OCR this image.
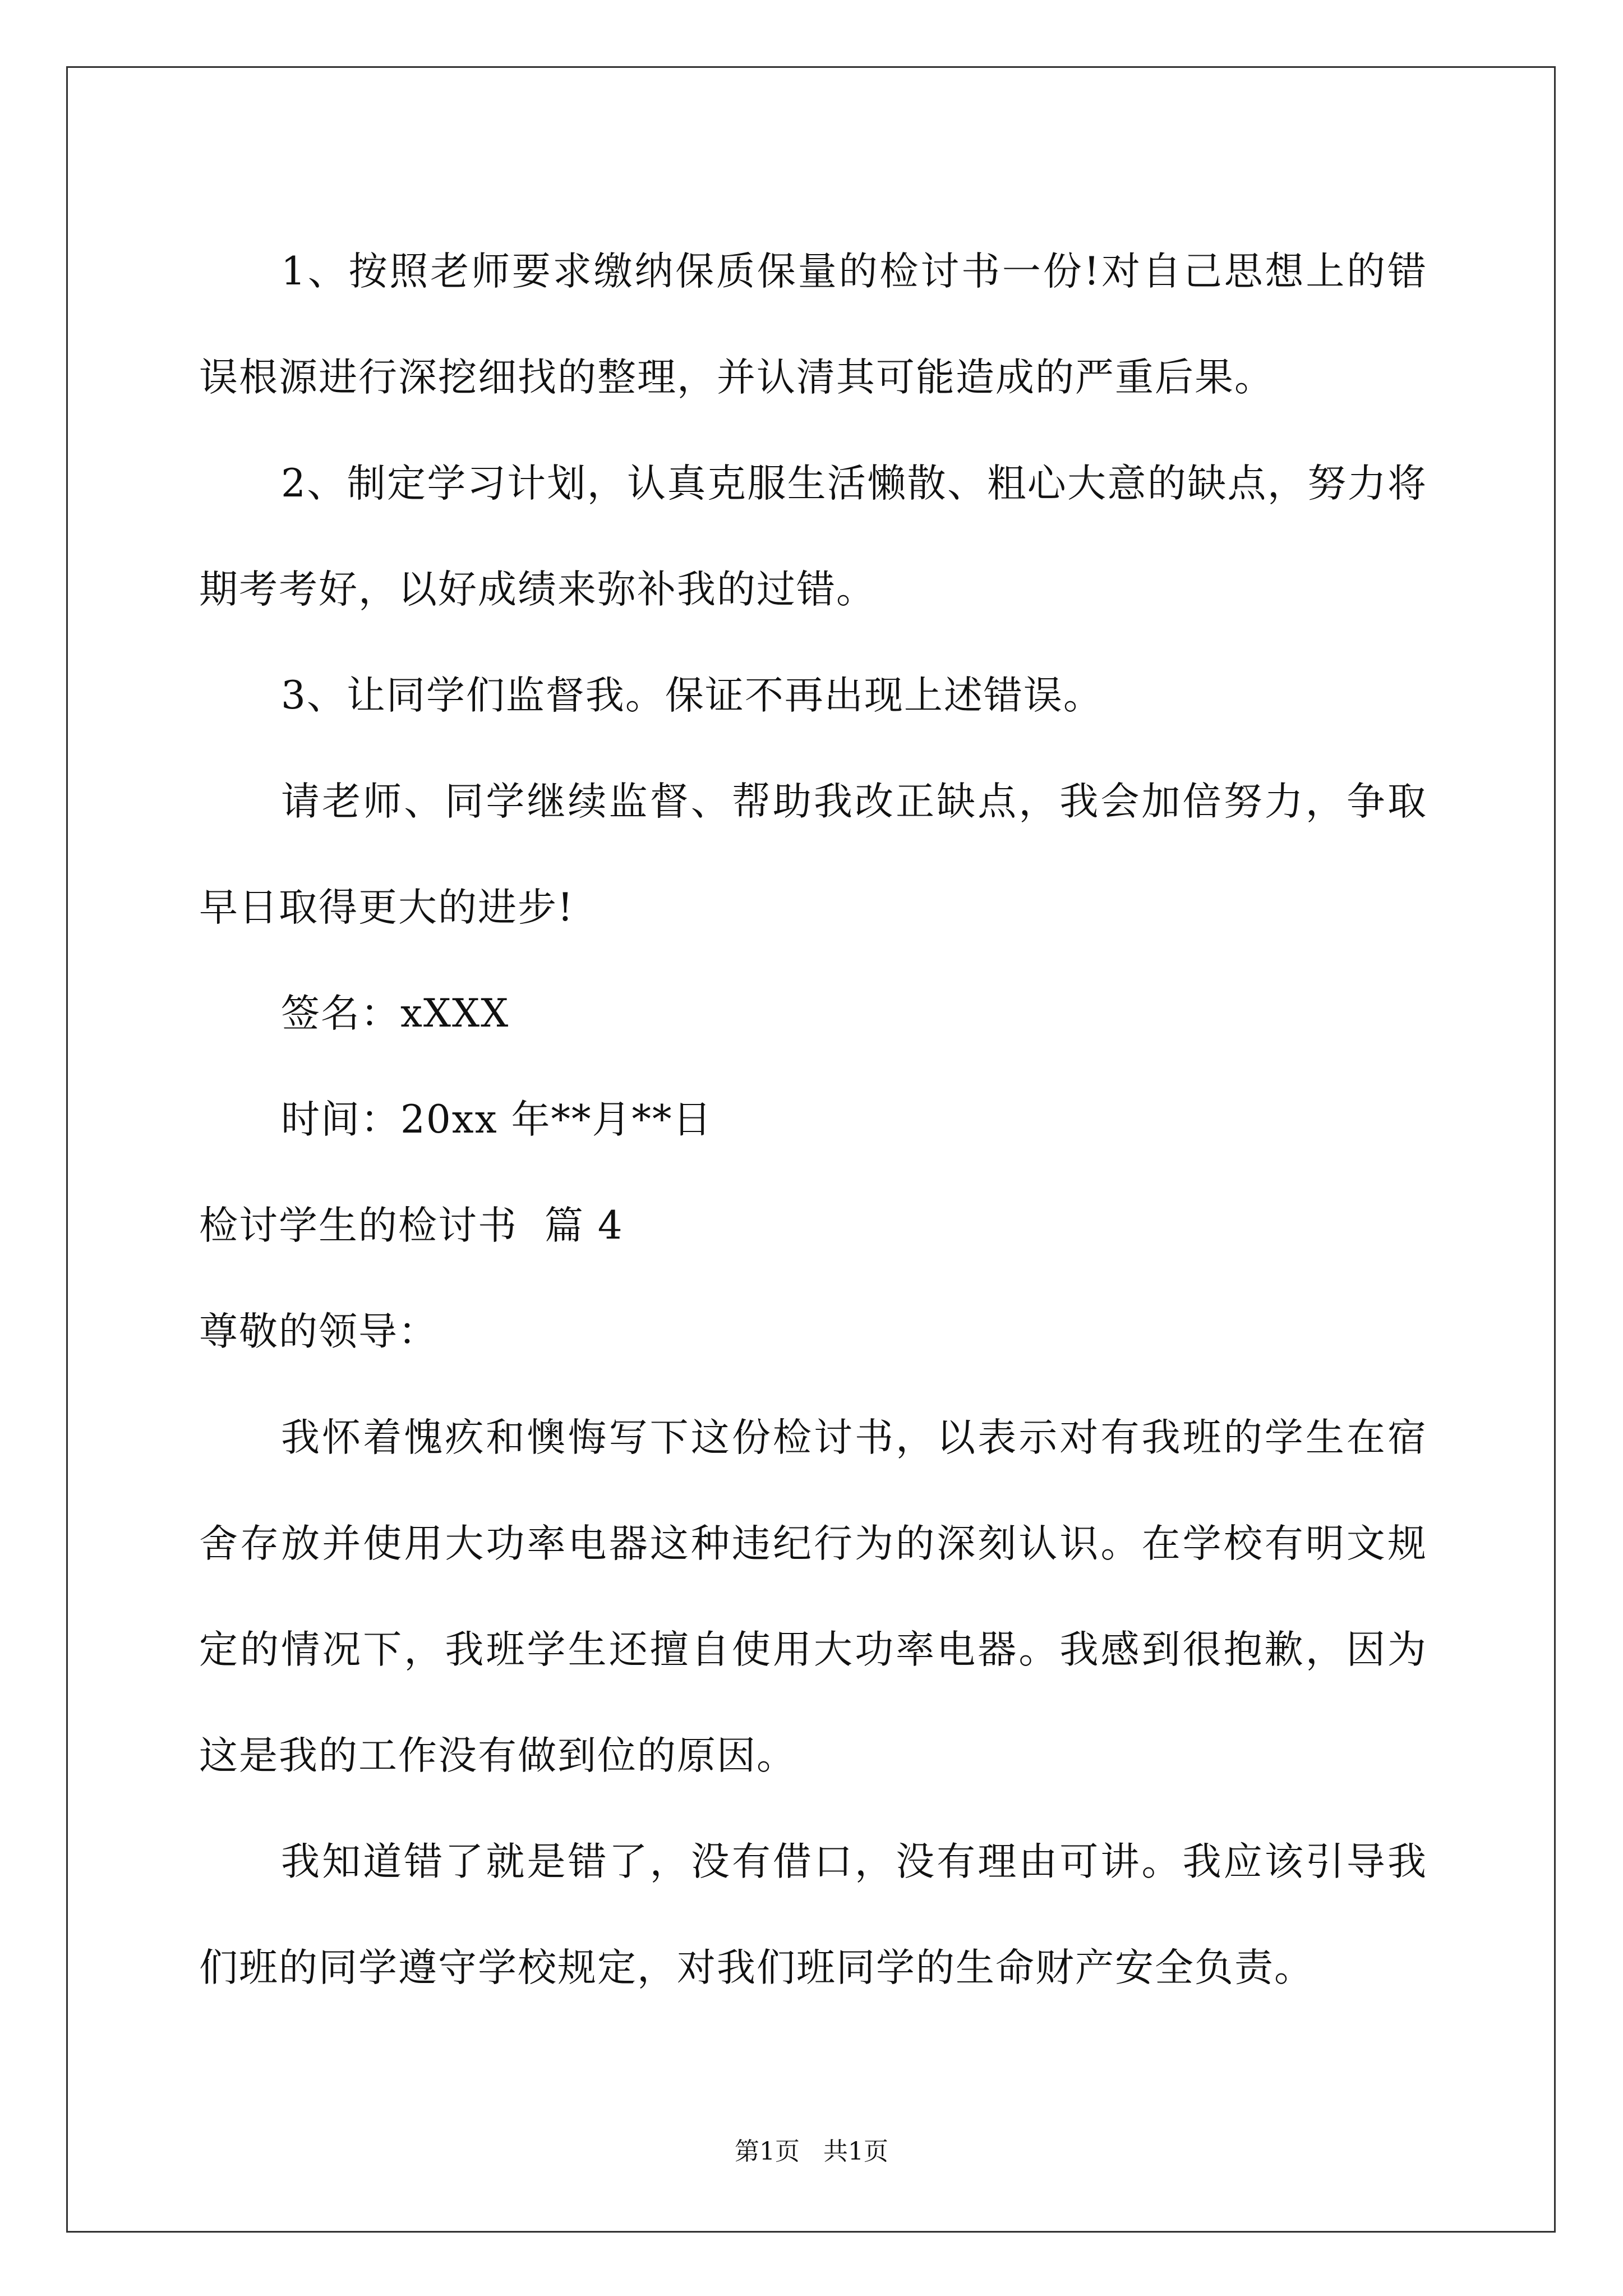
1、按照老师要求缴纳保质保量的检讨书一份!对自己思想上的错误根源进行深挖细找的整理，并认清其可能造成的严重后果。

2、制定学习计划，认真克服生活懒散、粗心大意的缺点，努力将期考考好，以好成绩来弥补我的过错。

3、让同学们监督我。保证不再出现上述错误。

请老师、同学继续监督、帮助我改正缺点，我会加倍努力，争取早日取得更大的进步!

签名：xXXX

时间：20xx 年**月**日

检讨学生的检讨书  篇 4

尊敬的领导：

我怀着愧疚和懊悔写下这份检讨书，以表示对有我班的学生在宿舍存放并使用大功率电器这种违纪行为的深刻认识。在学校有明文规定的情况下，我班学生还擅自使用大功率电器。我感到很抱歉，因为这是我的工作没有做到位的原因。

我知道错了就是错了，没有借口，没有理由可讲。我应该引导我们班的同学遵守学校规定，对我们班同学的生命财产安全负责。

第1页 共1页
